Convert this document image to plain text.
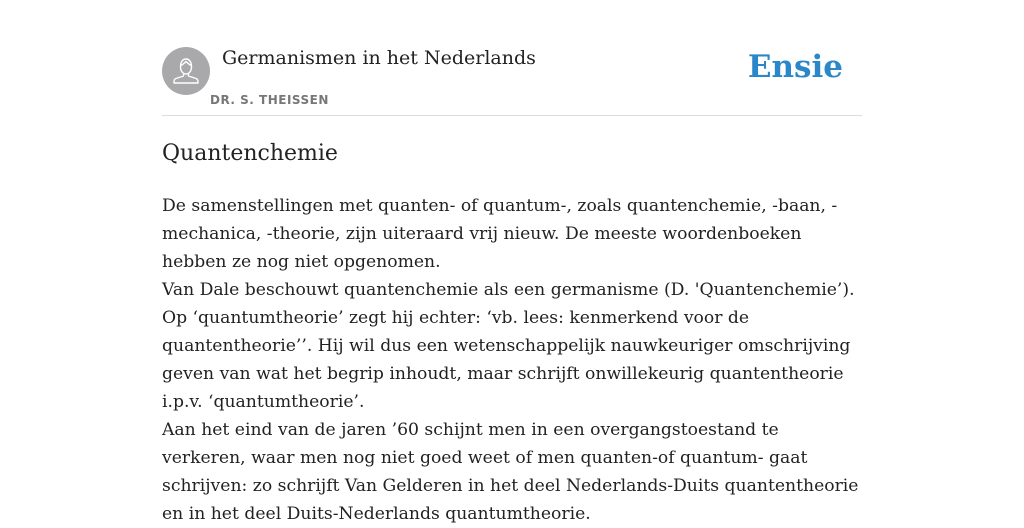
Germanismen in het Nederlands
DR. S. THEISSEN
Ensie
Quantenchemie

De samenstellingen met quanten- of quantum-, zoals quantenchemie, -baan, -mechanica, -theorie, zijn uiteraard vrij nieuw. De meeste woordenboeken hebben ze nog niet opgenomen.

Van Dale beschouwt quantenchemie als een germanisme (D. 'Quantenchemie’). Op ‘quantumtheorie’ zegt hij echter: ‘vb. lees: kenmerkend voor de quantentheorie’’. Hij wil dus een wetenschappelijk nauwkeuriger omschrijving geven van wat het begrip inhoudt, maar schrijft onwillekeurig quantentheorie i.p.v. ‘quantumtheorie’.

Aan het eind van de jaren ’60 schijnt men in een overgangstoestand te verkeren, waar men nog niet goed weet of men quanten-of quantum- gaat schrijven: zo schrijft Van Gelderen in het deel Nederlands-Duits quantentheorie en in het deel Duits-Nederlands quantumtheorie.
